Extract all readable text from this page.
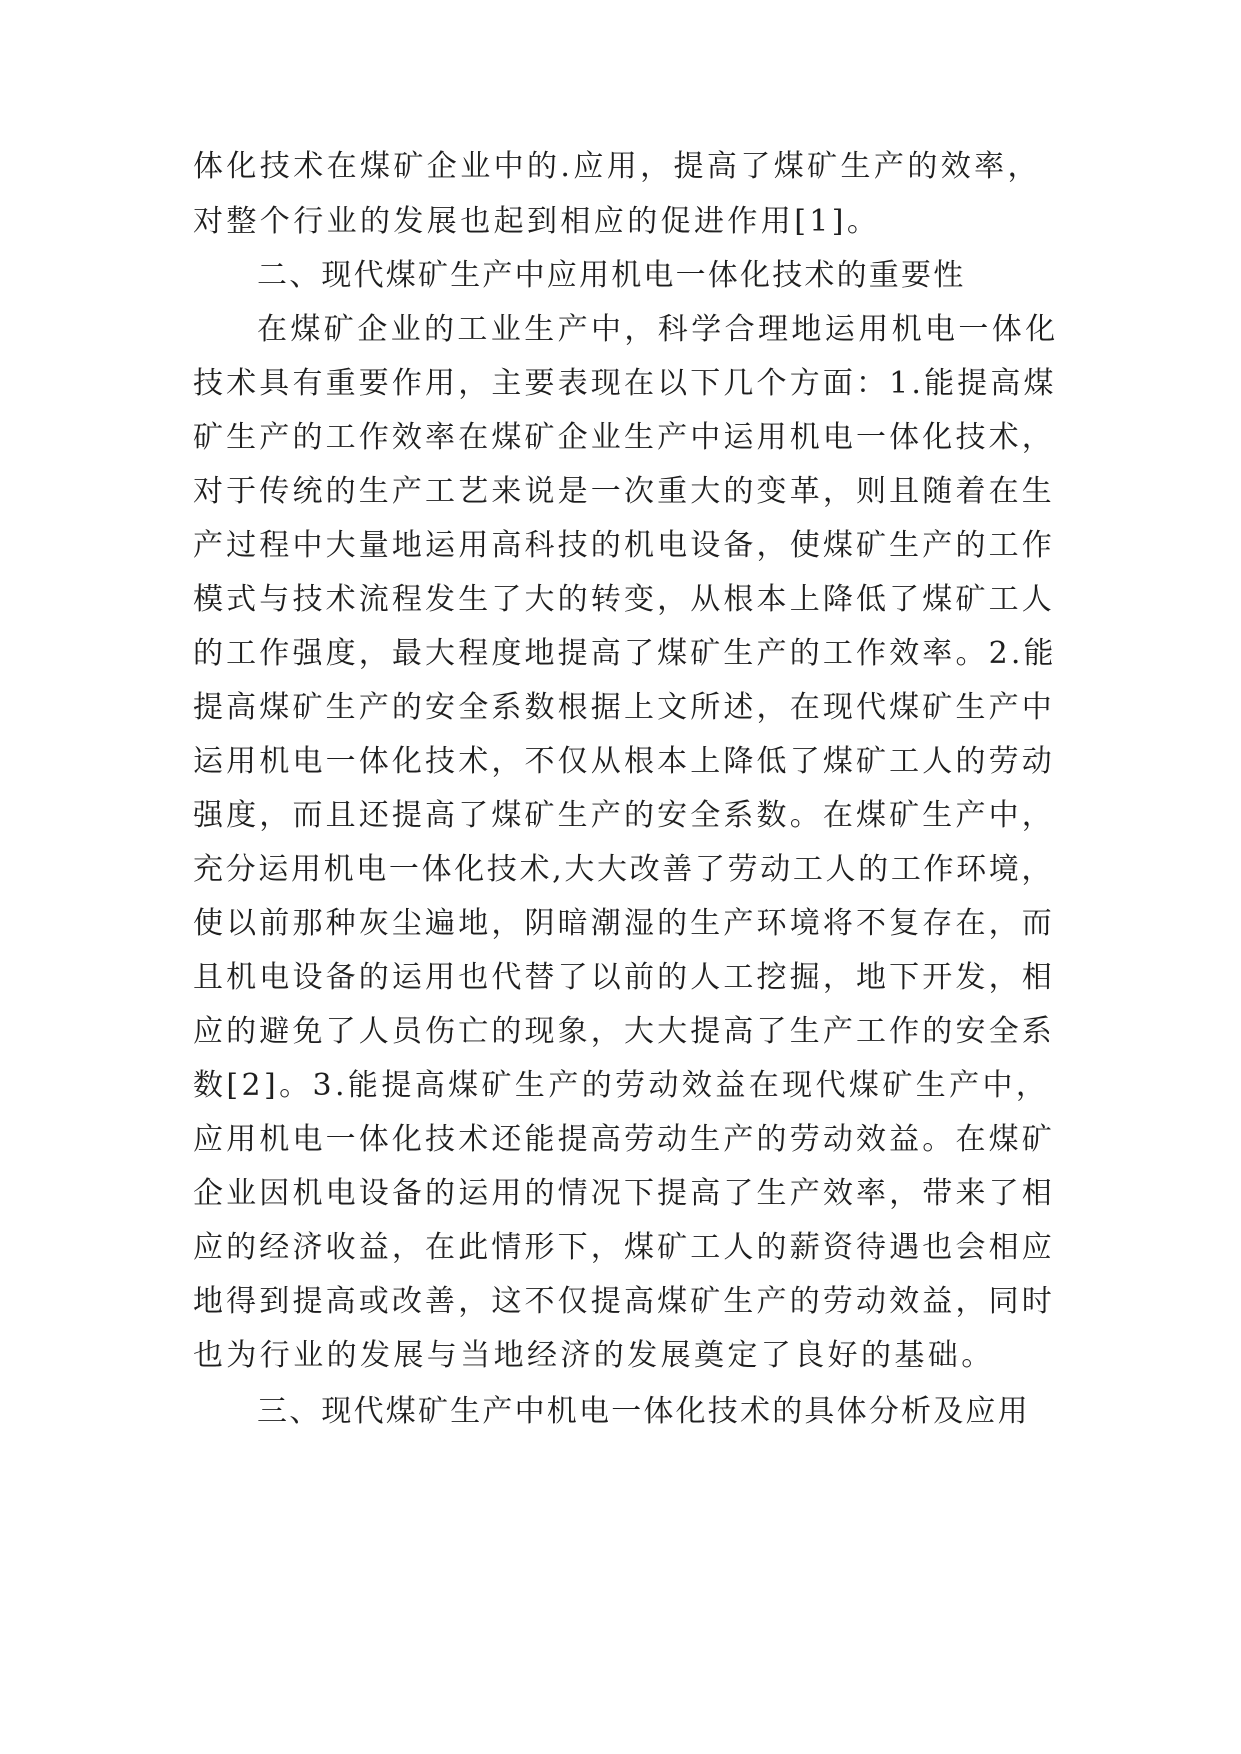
体化技术在煤矿企业中的.应用，提高了煤矿生产的效率，
对整个行业的发展也起到相应的促进作用[1]。
二、现代煤矿生产中应用机电一体化技术的重要性
在煤矿企业的工业生产中，科学合理地运用机电一体化
技术具有重要作用，主要表现在以下几个方面：1.能提高煤
矿生产的工作效率在煤矿企业生产中运用机电一体化技术，
对于传统的生产工艺来说是一次重大的变革，则且随着在生
产过程中大量地运用高科技的机电设备，使煤矿生产的工作
模式与技术流程发生了大的转变，从根本上降低了煤矿工人
的工作强度，最大程度地提高了煤矿生产的工作效率。2.能
提高煤矿生产的安全系数根据上文所述，在现代煤矿生产中
运用机电一体化技术，不仅从根本上降低了煤矿工人的劳动
强度，而且还提高了煤矿生产的安全系数。在煤矿生产中，
充分运用机电一体化技术,大大改善了劳动工人的工作环境，
使以前那种灰尘遍地，阴暗潮湿的生产环境将不复存在，而
且机电设备的运用也代替了以前的人工挖掘，地下开发，相
应的避免了人员伤亡的现象，大大提高了生产工作的安全系
数[2]。3.能提高煤矿生产的劳动效益在现代煤矿生产中，
应用机电一体化技术还能提高劳动生产的劳动效益。在煤矿
企业因机电设备的运用的情况下提高了生产效率，带来了相
应的经济收益，在此情形下，煤矿工人的薪资待遇也会相应
地得到提高或改善，这不仅提高煤矿生产的劳动效益，同时
也为行业的发展与当地经济的发展奠定了良好的基础。
三、现代煤矿生产中机电一体化技术的具体分析及应用
